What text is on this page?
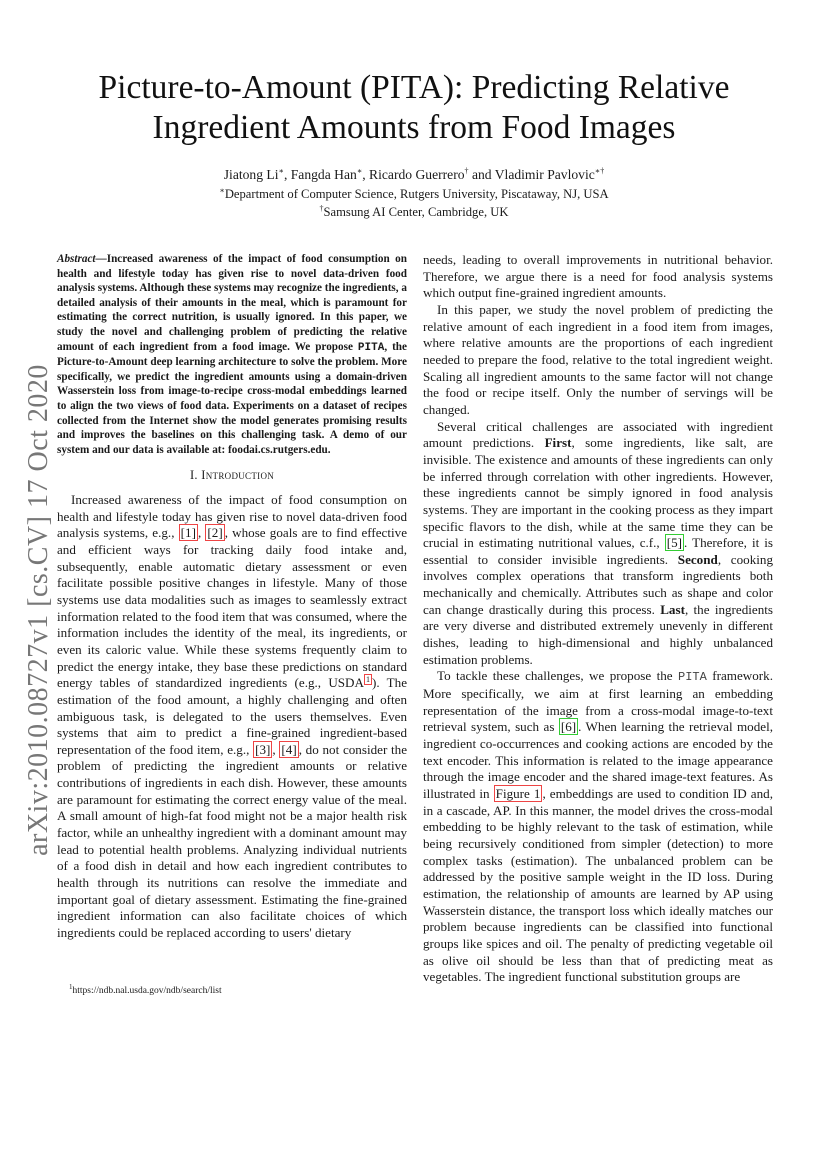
arXiv:2010.08727v1 [cs.CV] 17 Oct 2020
Picture-to-Amount (PITA): Predicting Relative
Ingredient Amounts from Food Images
Jiatong Li∗, Fangda Han∗, Ricardo Guerrero† and Vladimir Pavlovic∗†
∗Department of Computer Science, Rutgers University, Piscataway, NJ, USA
†Samsung AI Center, Cambridge, UK

Abstract—Increased awareness of the impact of food consumption on health and lifestyle today has given rise to novel data-driven food analysis systems. Although these systems may recognize the ingredients, a detailed analysis of their amounts in the meal, which is paramount for estimating the correct nutrition, is usually ignored. In this paper, we study the novel and challenging problem of predicting the relative amount of each ingredient from a food image. We propose PITA, the Picture-to-Amount deep learning architecture to solve the problem. More specifically, we predict the ingredient amounts using a domain-driven Wasserstein loss from image-to-recipe cross-modal embeddings learned to align the two views of food data. Experiments on a dataset of recipes collected from the Internet show the model generates promising results and improves the baselines on this challenging task. A demo of our system and our data is available at: foodai.cs.rutgers.edu.

I. Introduction

Increased awareness of the impact of food consumption on health and lifestyle today has given rise to novel data-driven food analysis systems, e.g., [1] , [2] , whose goals are to find effective and efficient ways for tracking daily food intake and, subsequently, enable automatic dietary assessment or even facilitate possible positive changes in lifestyle. Many of those systems use data modalities such as images to seamlessly extract information related to the food item that was consumed, where the information includes the identity of the meal, its ingredients, or even its caloric value. While these systems frequently claim to predict the energy intake, they base these predictions on standard energy tables of standardized ingredients (e.g., USDA $^1$ ). The estimation of the food amount, a highly challenging and often ambiguous task, is delegated to the users themselves. Even systems that aim to predict a fine-grained ingredient-based representation of the food item, e.g., [3] , [4] , do not consider the problem of predicting the ingredient amounts or relative contributions of ingredients in each dish. However, these amounts are paramount for estimating the correct energy value of the meal. A small amount of high-fat food might not be a major health risk factor, while an unhealthy ingredient with a dominant amount may lead to potential health problems. Analyzing individual nutrients of a food dish in detail and how each ingredient contributes to health through its nutritions can resolve the immediate and important goal of dietary assessment. Estimating the fine-grained ingredient information can also facilitate choices of which ingredients could be replaced according to users' dietary

$^1$https://ndb.nal.usda.gov/ndb/search/list

needs, leading to overall improvements in nutritional behavior. Therefore, we argue there is a need for food analysis systems which output fine-grained ingredient amounts.

In this paper, we study the novel problem of predicting the relative amount of each ingredient in a food item from images, where relative amounts are the proportions of each ingredient needed to prepare the food, relative to the total ingredient weight. Scaling all ingredient amounts to the same factor will not change the food or recipe itself. Only the number of servings will be changed.

Several critical challenges are associated with ingredient amount predictions. First, some ingredients, like salt, are invisible. The existence and amounts of these ingredients can only be inferred through correlation with other ingredients. However, these ingredients cannot be simply ignored in food analysis systems. They are important in the cooking process as they impart specific flavors to the dish, while at the same time they can be crucial in estimating nutritional values, c.f., [5] . Therefore, it is essential to consider invisible ingredients. Second, cooking involves complex operations that transform ingredients both mechanically and chemically. Attributes such as shape and color can change drastically during this process. Last, the ingredients are very diverse and distributed extremely unevenly in different dishes, leading to high-dimensional and highly unbalanced estimation problems.

To tackle these challenges, we propose the PITA framework. More specifically, we aim at first learning an embedding representation of the image from a cross-modal image-to-text retrieval system, such as [6] . When learning the retrieval model, ingredient co-occurrences and cooking actions are encoded by the text encoder. This information is related to the image appearance through the image encoder and the shared image-text features. As illustrated in Figure 1 , embeddings are used to condition ID and, in a cascade, AP. In this manner, the model drives the cross-modal embedding to be highly relevant to the task of estimation, while being recursively conditioned from simpler (detection) to more complex tasks (estimation). The unbalanced problem can be addressed by the positive sample weight in the ID loss. During estimation, the relationship of amounts are learned by AP using Wasserstein distance, the transport loss which ideally matches our problem because ingredients can be classified into functional groups like spices and oil. The penalty of predicting vegetable oil as olive oil should be less than that of predicting meat as vegetables. The ingredient functional substitution groups are
